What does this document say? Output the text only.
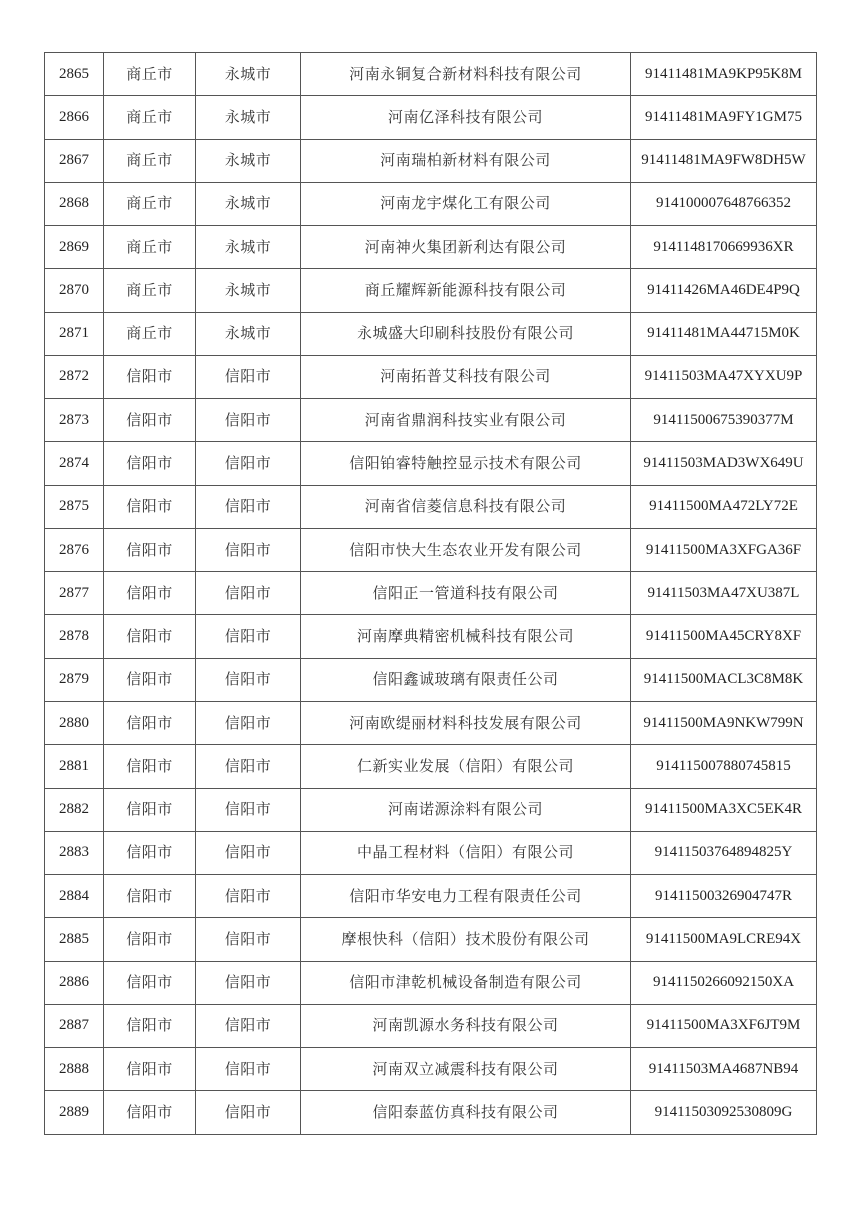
2865	商丘市	永城市	河南永铜复合新材料科技有限公司	91411481MA9KP95K8M
2866	商丘市	永城市	河南亿泽科技有限公司	91411481MA9FY1GM75
2867	商丘市	永城市	河南瑞柏新材料有限公司	91411481MA9FW8DH5W
2868	商丘市	永城市	河南龙宇煤化工有限公司	914100007648766352
2869	商丘市	永城市	河南神火集团新利达有限公司	9141148170669936XR
2870	商丘市	永城市	商丘耀辉新能源科技有限公司	91411426MA46DE4P9Q
2871	商丘市	永城市	永城盛大印刷科技股份有限公司	91411481MA44715M0K
2872	信阳市	信阳市	河南拓普艾科技有限公司	91411503MA47XYXU9P
2873	信阳市	信阳市	河南省鼎润科技实业有限公司	91411500675390377M
2874	信阳市	信阳市	信阳铂睿特触控显示技术有限公司	91411503MAD3WX649U
2875	信阳市	信阳市	河南省信菱信息科技有限公司	91411500MA472LY72E
2876	信阳市	信阳市	信阳市快大生态农业开发有限公司	91411500MA3XFGA36F
2877	信阳市	信阳市	信阳正一管道科技有限公司	91411503MA47XU387L
2878	信阳市	信阳市	河南摩典精密机械科技有限公司	91411500MA45CRY8XF
2879	信阳市	信阳市	信阳鑫诚玻璃有限责任公司	91411500MACL3C8M8K
2880	信阳市	信阳市	河南欧缇丽材料科技发展有限公司	91411500MA9NKW799N
2881	信阳市	信阳市	仁新实业发展（信阳）有限公司	914115007880745815
2882	信阳市	信阳市	河南诺源涂料有限公司	91411500MA3XC5EK4R
2883	信阳市	信阳市	中晶工程材料（信阳）有限公司	91411503764894825Y
2884	信阳市	信阳市	信阳市华安电力工程有限责任公司	91411500326904747R
2885	信阳市	信阳市	摩根快科（信阳）技术股份有限公司	91411500MA9LCRE94X
2886	信阳市	信阳市	信阳市津乾机械设备制造有限公司	9141150266092150XA
2887	信阳市	信阳市	河南凯源水务科技有限公司	91411500MA3XF6JT9M
2888	信阳市	信阳市	河南双立减震科技有限公司	91411503MA4687NB94
2889	信阳市	信阳市	信阳泰蓝仿真科技有限公司	91411503092530809G
